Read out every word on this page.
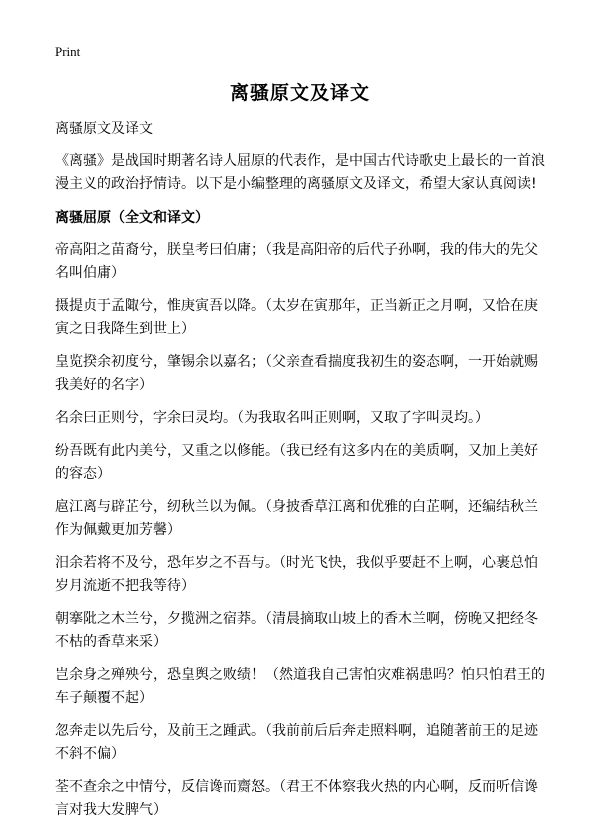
Print
离骚原文及译文

离骚原文及译文

《离骚》是战国时期著名诗人屈原的代表作，是中国古代诗歌史上最长的一首浪漫主义的政治抒情诗。以下是小编整理的离骚原文及译文，希望大家认真阅读!

离骚屈原（全文和译文）

帝高阳之苗裔兮，朕皇考曰伯庸；（我是高阳帝的后代子孙啊，我的伟大的先父名叫伯庸）

摄提贞于孟陬兮，惟庚寅吾以降。（太岁在寅那年，正当新正之月啊，又恰在庚寅之日我降生到世上）

皇览揆余初度兮，肇锡余以嘉名；（父亲查看揣度我初生的姿态啊，一开始就赐我美好的名字）

名余曰正则兮，字余曰灵均。（为我取名叫正则啊，又取了字叫灵均。）

纷吾既有此内美兮，又重之以修能。（我已经有这多内在的美质啊，又加上美好的容态）

扈江离与辟芷兮，纫秋兰以为佩。（身披香草江离和优雅的白芷啊，还编结秋兰作为佩戴更加芳馨）

汨余若将不及兮，恐年岁之不吾与。（时光飞快，我似乎要赶不上啊，心裹总怕岁月流逝不把我等待）

朝搴阰之木兰兮，夕揽洲之宿莽。（清晨摘取山坡上的香木兰啊，傍晚又把经冬不枯的香草来采）

岂余身之殚殃兮，恐皇舆之败绩！（然道我自己害怕灾难祸患吗？怕只怕君王的车子颠覆不起）

忽奔走以先后兮，及前王之踵武。（我前前后后奔走照料啊，追随著前王的足迹不斜不偏）

荃不查余之中情兮，反信谗而齌怒。（君王不体察我火热的内心啊，反而听信谗言对我大发脾气）
